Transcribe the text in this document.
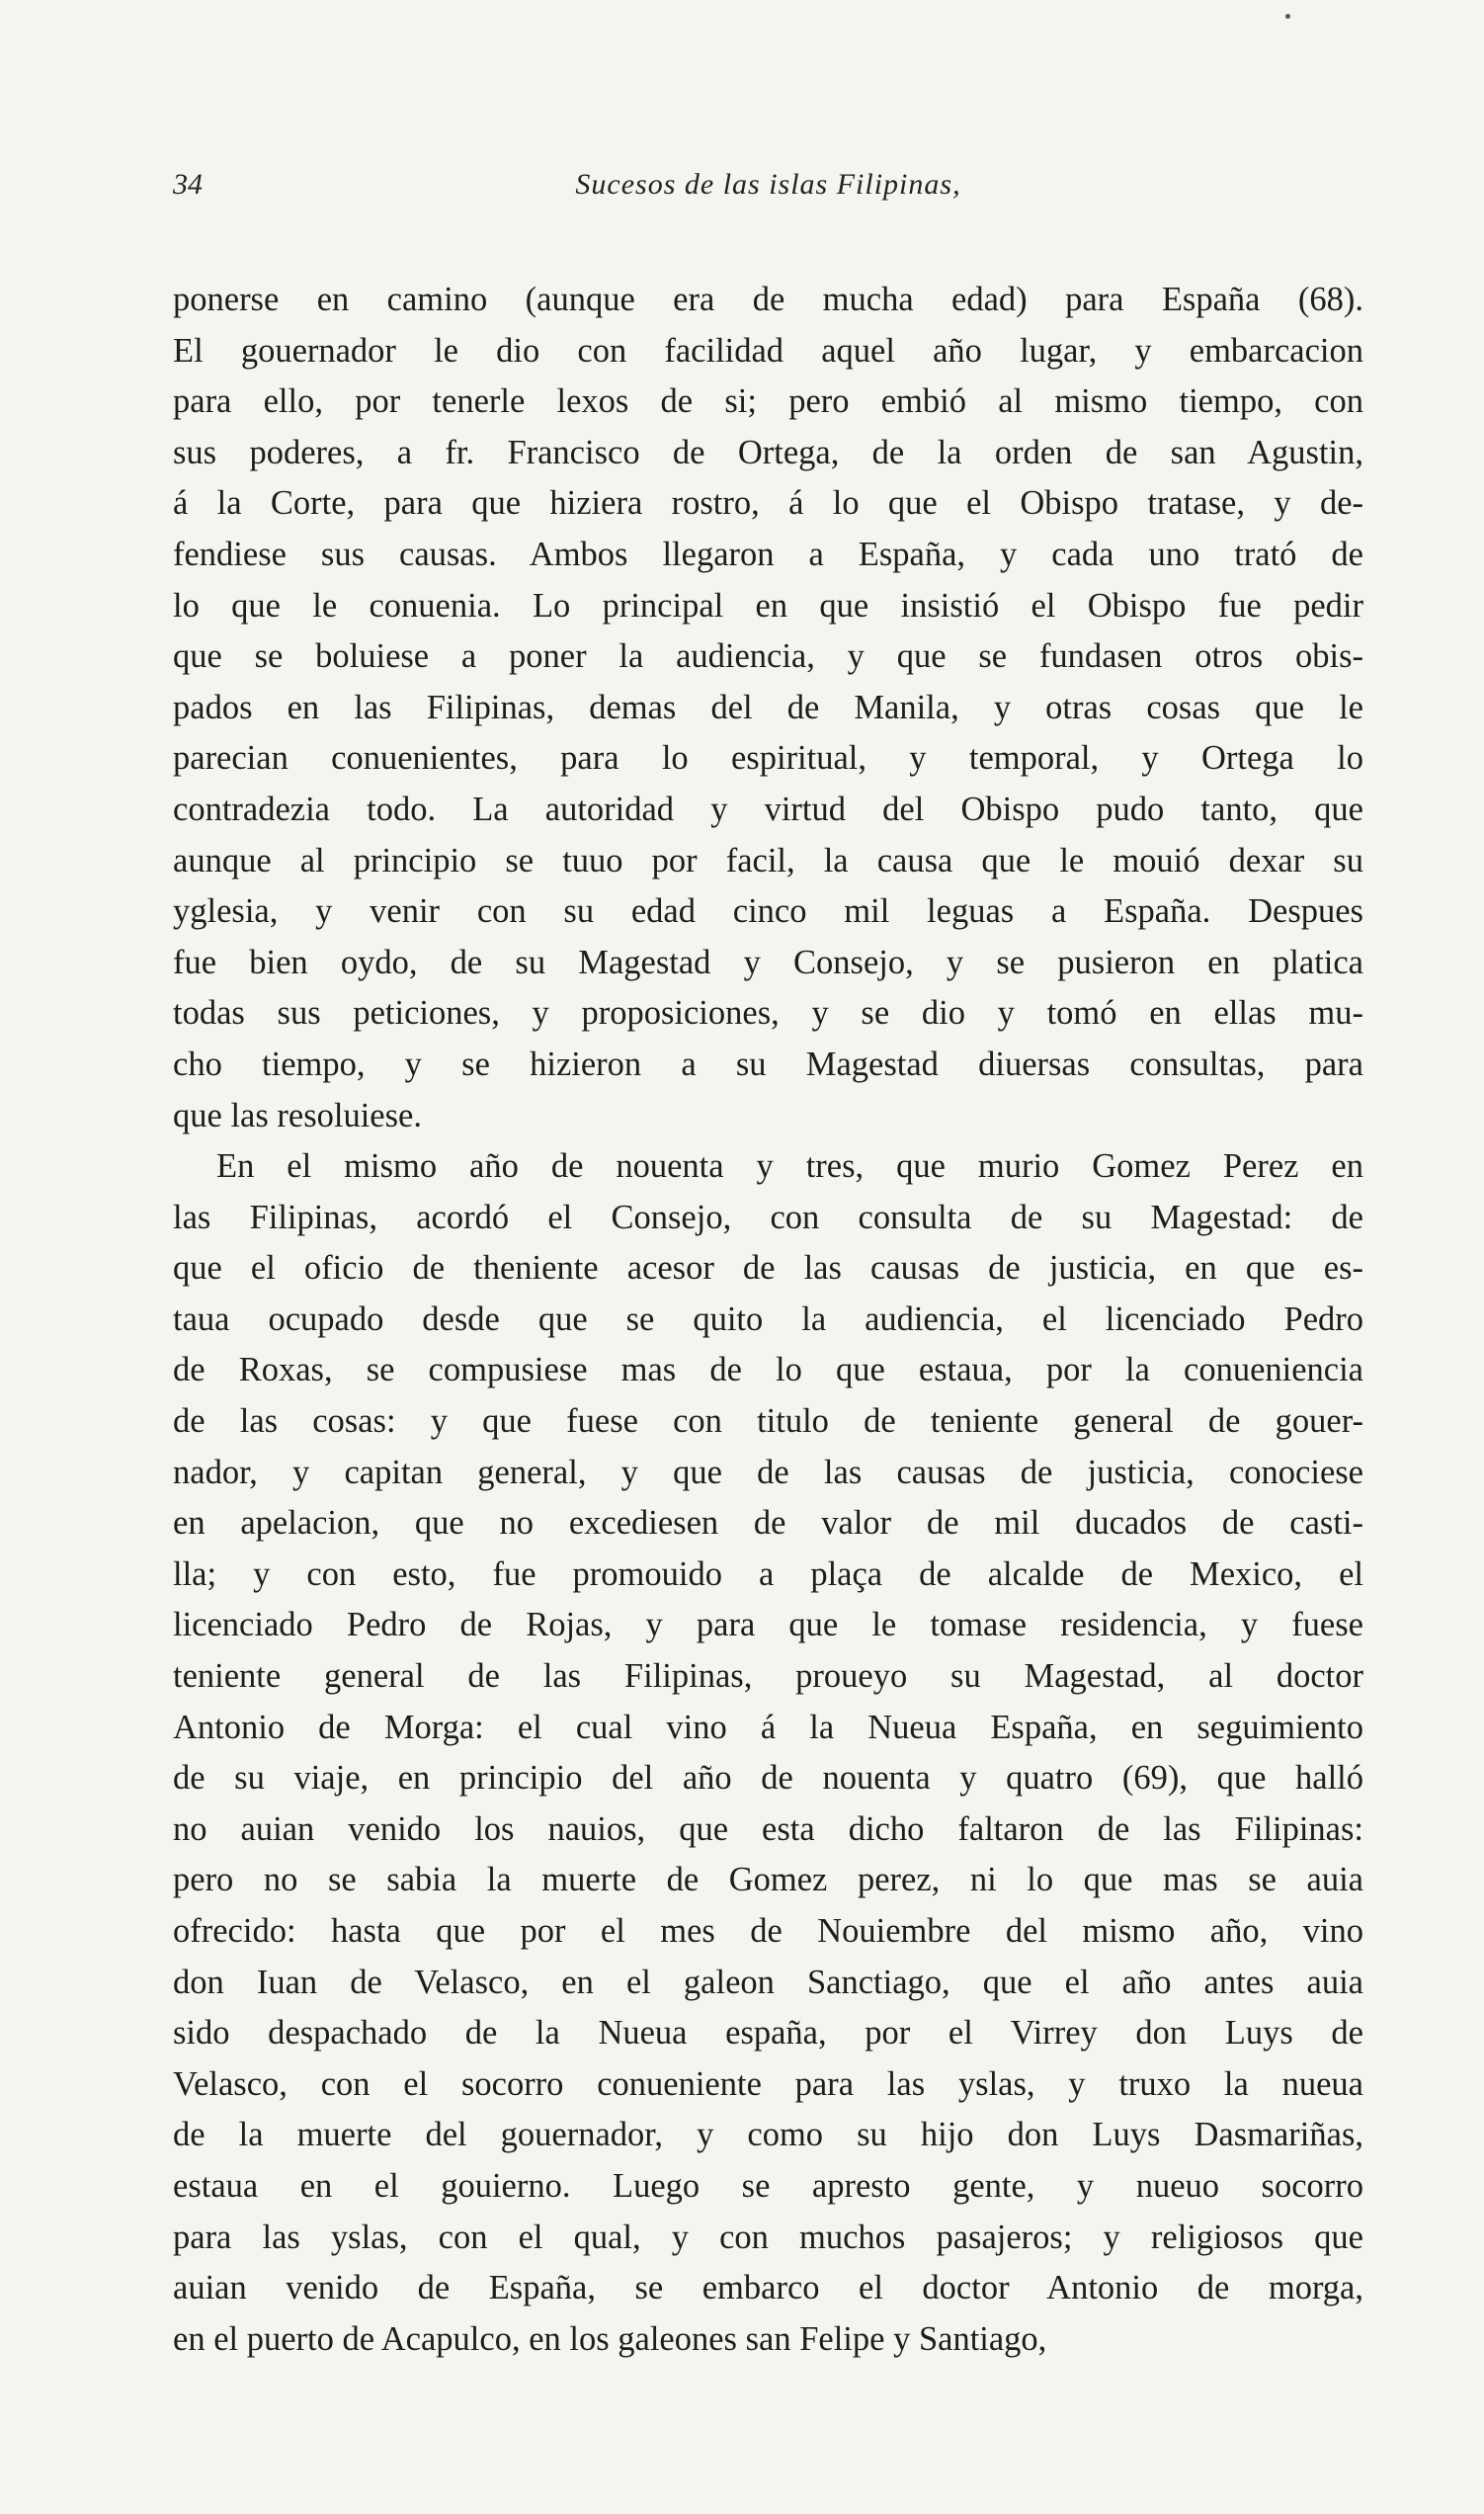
34	Sucesos de las islas Filipinas,
ponerse en camino (aunque era de mucha edad) para España (68).
El gouernador le dio con facilidad aquel año lugar, y embarcacion
para ello, por tenerle lexos de si; pero embió al mismo tiempo, con
sus poderes, a fr. Francisco de Ortega, de la orden de san Agustin,
á la Corte, para que hiziera rostro, á lo que el Obispo tratase, y de-
fendiese sus causas. Ambos llegaron a España, y cada uno trató de
lo que le conuenia. Lo principal en que insistió el Obispo fue pedir
que se boluiese a poner la audiencia, y que se fundasen otros obis-
pados en las Filipinas, demas del de Manila, y otras cosas que le
parecian conuenientes, para lo espiritual, y temporal, y Ortega lo
contradezia todo. La autoridad y virtud del Obispo pudo tanto, que
aunque al principio se tuuo por facil, la causa que le mouió dexar su
yglesia, y venir con su edad cinco mil leguas a España. Despues
fue bien oydo, de su Magestad y Consejo, y se pusieron en platica
todas sus peticiones, y proposiciones, y se dio y tomó en ellas mu-
cho tiempo, y se hizieron a su Magestad diuersas consultas, para
que las resoluiese.
En el mismo año de nouenta y tres, que murio Gomez Perez en
las Filipinas, acordó el Consejo, con consulta de su Magestad: de
que el oficio de theniente acesor de las causas de justicia, en que es-
taua ocupado desde que se quito la audiencia, el licenciado Pedro
de Roxas, se compusiese mas de lo que estaua, por la conueniencia
de las cosas: y que fuese con titulo de teniente general de gouer-
nador, y capitan general, y que de las causas de justicia, conociese
en apelacion, que no excediesen de valor de mil ducados de casti-
lla; y con esto, fue promouido a plaça de alcalde de Mexico, el
licenciado Pedro de Rojas, y para que le tomase residencia, y fuese
teniente general de las Filipinas, proueyo su Magestad, al doctor
Antonio de Morga: el cual vino á la Nueua España, en seguimiento
de su viaje, en principio del año de nouenta y quatro (69), que halló
no auian venido los nauios, que esta dicho faltaron de las Filipinas:
pero no se sabia la muerte de Gomez perez, ni lo que mas se auia
ofrecido: hasta que por el mes de Nouiembre del mismo año, vino
don Iuan de Velasco, en el galeon Sanctiago, que el año antes auia
sido despachado de la Nueua españa, por el Virrey don Luys de
Velasco, con el socorro conueniente para las yslas, y truxo la nueua
de la muerte del gouernador, y como su hijo don Luys Dasmariñas,
estaua en el gouierno. Luego se apresto gente, y nueuo socorro
para las yslas, con el qual, y con muchos pasajeros; y religiosos que
auian venido de España, se embarco el doctor Antonio de morga,
en el puerto de Acapulco, en los galeones san Felipe y Santiago,
